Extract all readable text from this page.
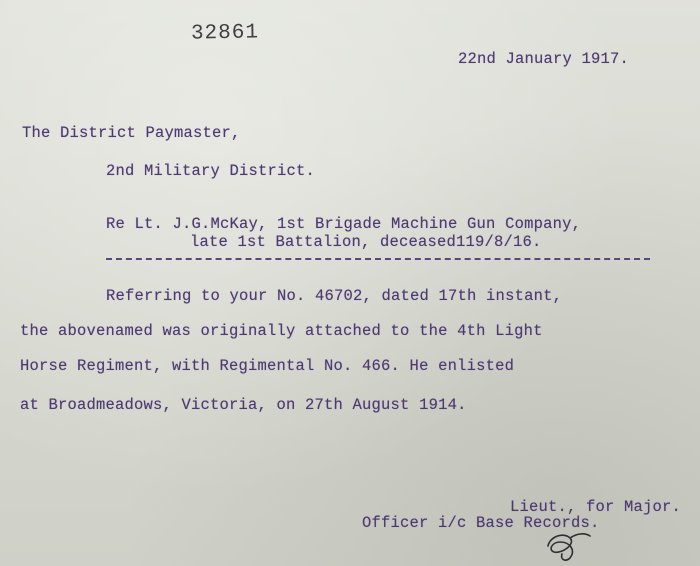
32861
22nd January 1917.
The District Paymaster,
2nd Military District.
Re Lt. J.G.McKay, 1st Brigade Machine Gun Company,
late 1st Battalion, deceased119/8/16.
Referring to your No. 46702, dated 17th instant,
the abovenamed was originally attached to the 4th Light
Horse Regiment, with Regimental No. 466. He enlisted
at Broadmeadows, Victoria, on 27th August 1914.
Lieut., for Major.
Officer i/c Base Records.
